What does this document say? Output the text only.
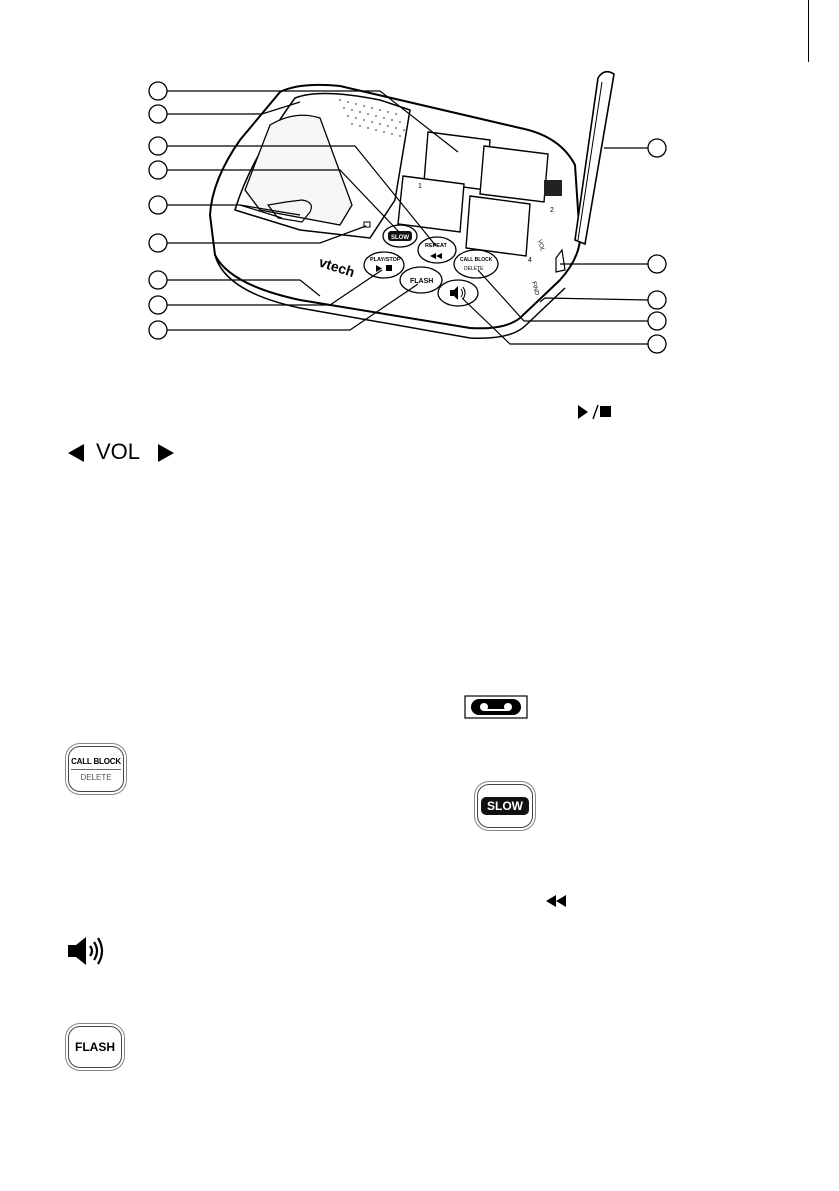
1
2
4
SLOW
REPEAT
PLAY/STOP	CALL BLOCK
DELETE
FLASH
vtech
VOL
FIND
VOL
CALL BLOCK
DELETE
SLOW
FLASH
